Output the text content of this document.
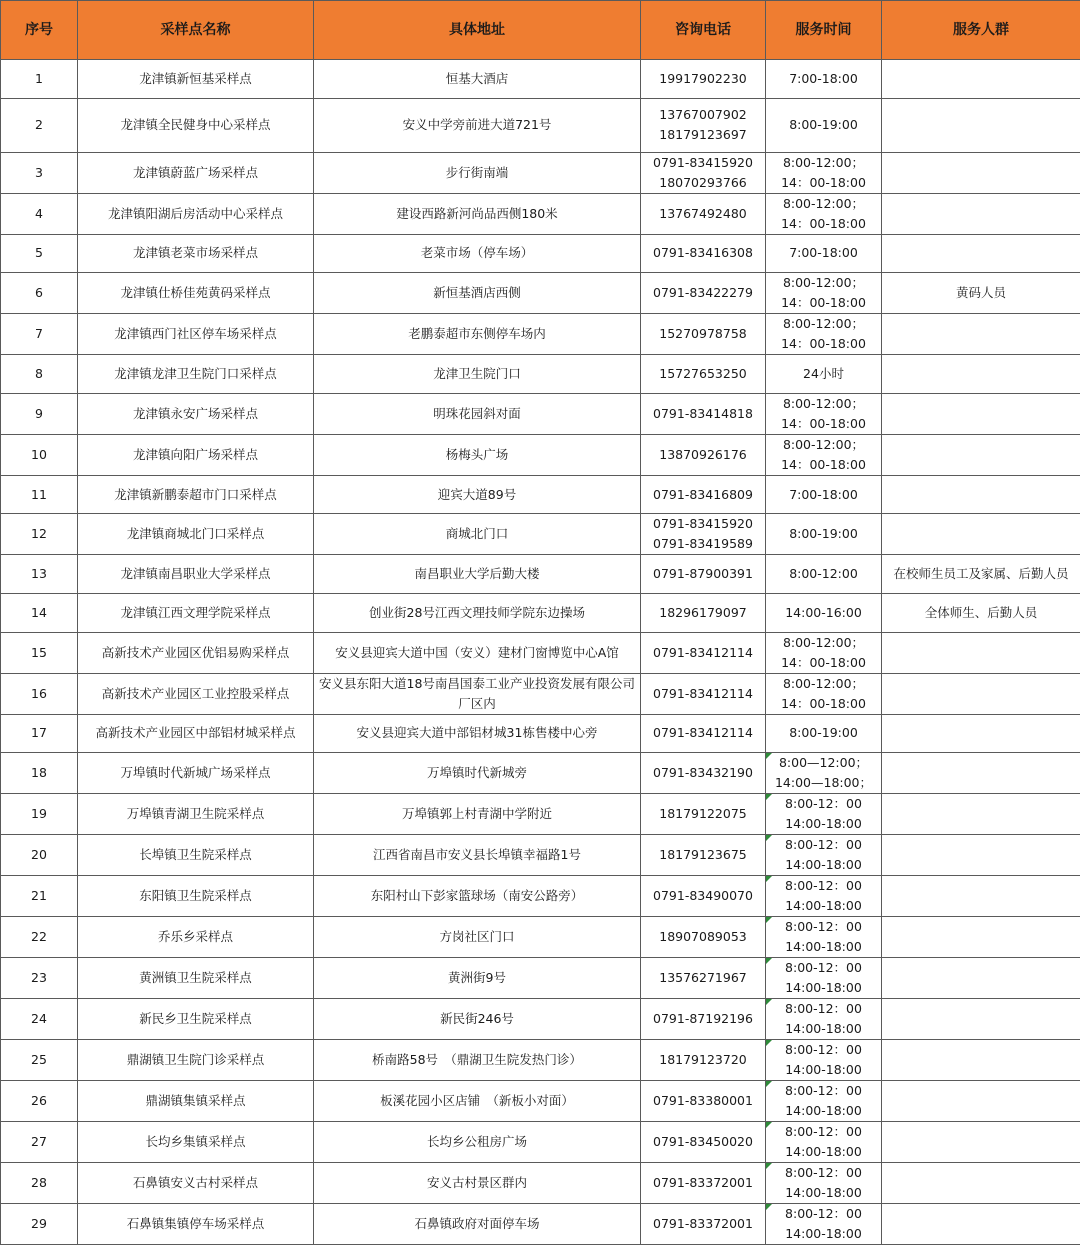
序号	采样点名称	具体地址	咨询电话	服务时间	服务人群
1	龙津镇新恒基采样点	恒基大酒店	19917902230	7:00-18:00	

2	龙津镇全民健身中心采样点	安义中学旁前进大道721号	13767007902
18179123697	8:00-19:00	

3	龙津镇蔚蓝广场采样点	步行街南端	0791-83415920
18070293766	8:00-12:00；
14：00-18:00	

4	龙津镇阳湖后房活动中心采样点	建设西路新河尚品西侧180米	13767492480	8:00-12:00；
14：00-18:00	

5	龙津镇老菜市场采样点	老菜市场（停车场）	0791-83416308	7:00-18:00	

6	龙津镇仕桥佳苑黄码采样点	新恒基酒店西侧	0791-83422279	8:00-12:00；
14：00-18:00	黄码人员
7	龙津镇西门社区停车场采样点	老鹏泰超市东侧停车场内	15270978758	8:00-12:00；
14：00-18:00	

8	龙津镇龙津卫生院门口采样点	龙津卫生院门口	15727653250	24小时	

9	龙津镇永安广场采样点	明珠花园斜对面	0791-83414818	8:00-12:00；
14：00-18:00	

10	龙津镇向阳广场采样点	杨梅头广场	13870926176	8:00-12:00；
14：00-18:00	

11	龙津镇新鹏泰超市门口采样点	迎宾大道89号	0791-83416809	7:00-18:00	

12	龙津镇商城北门口采样点	商城北门口	0791-83415920
0791-83419589	8:00-19:00	

13	龙津镇南昌职业大学采样点	南昌职业大学后勤大楼	0791-87900391	8:00-12:00	在校师生员工及家属、后勤人员
14	龙津镇江西文理学院采样点	创业街28号江西文理技师学院东边操场	18296179097	14:00-16:00	全体师生、后勤人员
15	高新技术产业园区优铝易购采样点	安义县迎宾大道中国（安义）建材门窗博览中心A馆	0791-83412114	8:00-12:00；
14：00-18:00	

16	高新技术产业园区工业控股采样点	安义县东阳大道18号南昌国泰工业产业投资发展有限公司厂区内	0791-83412114	8:00-12:00；
14：00-18:00	

17	高新技术产业园区中部铝材城采样点	安义县迎宾大道中部铝材城31栋售楼中心旁	0791-83412114	8:00-19:00	

18	万埠镇时代新城广场采样点	万埠镇时代新城旁	0791-83432190	8:00—12:00；
14:00—18:00；	

19	万埠镇青湖卫生院采样点	万埠镇郭上村青湖中学附近	18179122075	8:00-12：00
14:00-18:00	

20	长埠镇卫生院采样点	江西省南昌市安义县长埠镇幸福路1号	18179123675	8:00-12：00
14:00-18:00	

21	东阳镇卫生院采样点	东阳村山下彭家篮球场（南安公路旁）	0791-83490070	8:00-12：00
14:00-18:00	

22	乔乐乡采样点	方岗社区门口	18907089053	8:00-12：00
14:00-18:00	

23	黄洲镇卫生院采样点	黄洲街9号	13576271967	8:00-12：00
14:00-18:00	

24	新民乡卫生院采样点	新民街246号	0791-87192196	8:00-12：00
14:00-18:00	

25	鼎湖镇卫生院门诊采样点	桥南路58号　（鼎湖卫生院发热门诊）	18179123720	8:00-12：00
14:00-18:00	

26	鼎湖镇集镇采样点	板溪花园小区店铺　（新板小对面）	0791-83380001	8:00-12：00
14:00-18:00	

27	长均乡集镇采样点	长均乡公租房广场	0791-83450020	8:00-12：00
14:00-18:00	

28	石鼻镇安义古村采样点	安义古村景区群内	0791-83372001	8:00-12：00
14:00-18:00	

29	石鼻镇集镇停车场采样点	石鼻镇政府对面停车场	0791-83372001	8:00-12：00
14:00-18:00	
